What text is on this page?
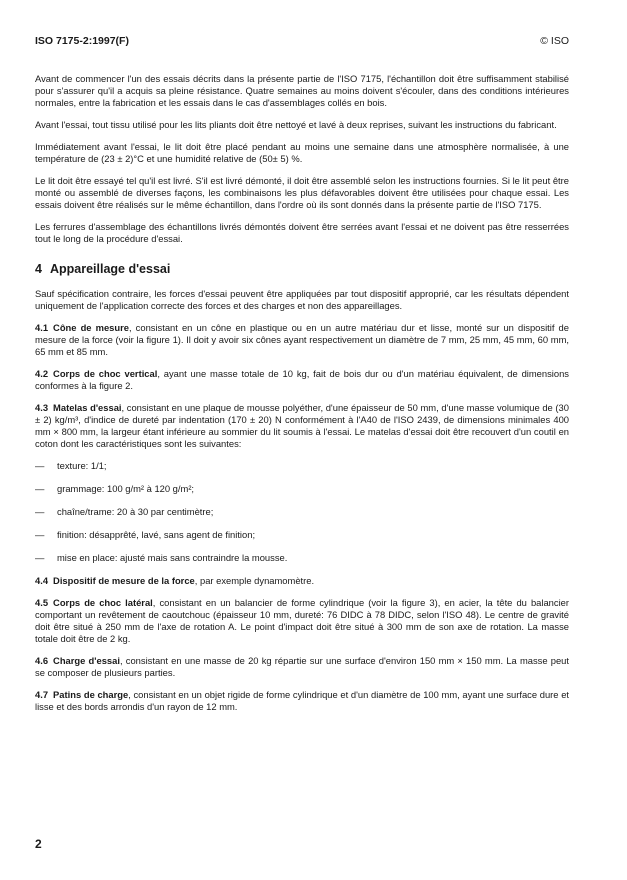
ISO 7175-2:1997(F)	© ISO

Avant de commencer l'un des essais décrits dans la présente partie de l'ISO 7175, l'échantillon doit être suffisamment stabilisé pour s'assurer qu'il a acquis sa pleine résistance. Quatre semaines au moins doivent s'écouler, dans des conditions intérieures normales, entre la fabrication et les essais dans le cas d'assemblages collés en bois.

Avant l'essai, tout tissu utilisé pour les lits pliants doit être nettoyé et lavé à deux reprises, suivant les instructions du fabricant.

Immédiatement avant l'essai, le lit doit être placé pendant au moins une semaine dans une atmosphère normalisée, à une température de (23 ± 2)°C et une humidité relative de (50± 5) %.

Le lit doit être essayé tel qu'il est livré. S'il est livré démonté, il doit être assemblé selon les instructions fournies. Si le lit peut être monté ou assemblé de diverses façons, les combinaisons les plus défavorables doivent être utilisées pour chaque essai. Les essais doivent être réalisés sur le même échantillon, dans l'ordre où ils sont donnés dans la présente partie de l'ISO 7175.

Les ferrures d'assemblage des échantillons livrés démontés doivent être serrées avant l'essai et ne doivent pas être resserrées tout le long de la procédure d'essai.

4 Appareillage d'essai

Sauf spécification contraire, les forces d'essai peuvent être appliquées par tout dispositif approprié, car les résultats dépendent uniquement de l'application correcte des forces et des charges et non des appareillages.

4.1 Cône de mesure, consistant en un cône en plastique ou en un autre matériau dur et lisse, monté sur un dispositif de mesure de la force (voir la figure 1). Il doit y avoir six cônes ayant respectivement un diamètre de 7 mm, 25 mm, 45 mm, 60 mm, 65 mm et 85 mm.

4.2 Corps de choc vertical, ayant une masse totale de 10 kg, fait de bois dur ou d'un matériau équivalent, de dimensions conformes à la figure 2.

4.3 Matelas d'essai, consistant en une plaque de mousse polyéther, d'une épaisseur de 50 mm, d'une masse volumique de (30 ± 2) kg/m³, d'indice de dureté par indentation (170 ± 20) N conformément à l'A40 de l'ISO 2439, de dimensions minimales 400 mm × 800 mm, la largeur étant inférieure au sommier du lit soumis à l'essai. Le matelas d'essai doit être recouvert d'un coutil en coton dont les caractéristiques sont les suivantes:

— texture: 1/1;
— grammage: 100 g/m² à 120 g/m²;
— chaîne/trame: 20 à 30 par centimètre;
— finition: désapprêté, lavé, sans agent de finition;
— mise en place: ajusté mais sans contraindre la mousse.

4.4 Dispositif de mesure de la force, par exemple dynamomètre.

4.5 Corps de choc latéral, consistant en un balancier de forme cylindrique (voir la figure 3), en acier, la tête du balancier comportant un revêtement de caoutchouc (épaisseur 10 mm, dureté: 76 DIDC à 78 DIDC, selon l'ISO 48). Le centre de gravité doit être situé à 250 mm de l'axe de rotation A. Le point d'impact doit être situé à 300 mm de son axe de rotation. La masse totale doit être de 2 kg.

4.6 Charge d'essai, consistant en une masse de 20 kg répartie sur une surface d'environ 150 mm × 150 mm. La masse peut se composer de plusieurs parties.

4.7 Patins de charge, consistant en un objet rigide de forme cylindrique et d'un diamètre de 100 mm, ayant une surface dure et lisse et des bords arrondis d'un rayon de 12 mm.

2
